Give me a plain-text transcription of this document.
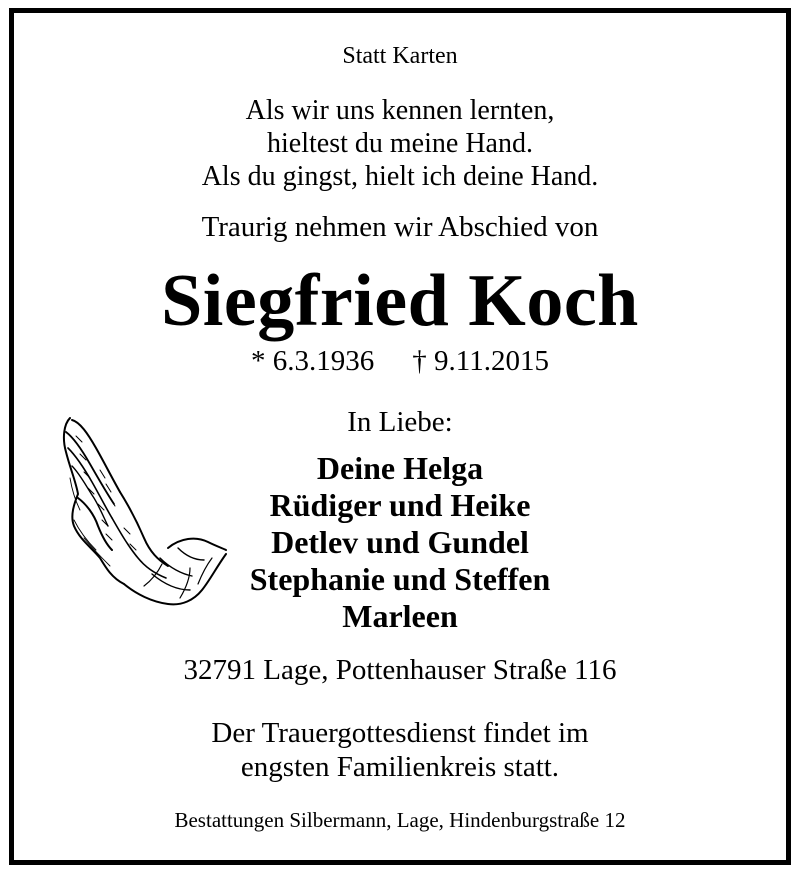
Statt Karten
Als wir uns kennen lernten,
hieltest du meine Hand.
Als du gingst, hielt ich deine Hand.
Traurig nehmen wir Abschied von
Siegfried Koch
* 6.3.1936 † 9.11.2015
In Liebe:
Deine Helga
Rüdiger und Heike
Detlev und Gundel
Stephanie und Steffen
Marleen
32791 Lage, Pottenhauser Straße 116
Der Trauergottesdienst findet im
engsten Familienkreis statt.
Bestattungen Silbermann, Lage, Hindenburgstraße 12
